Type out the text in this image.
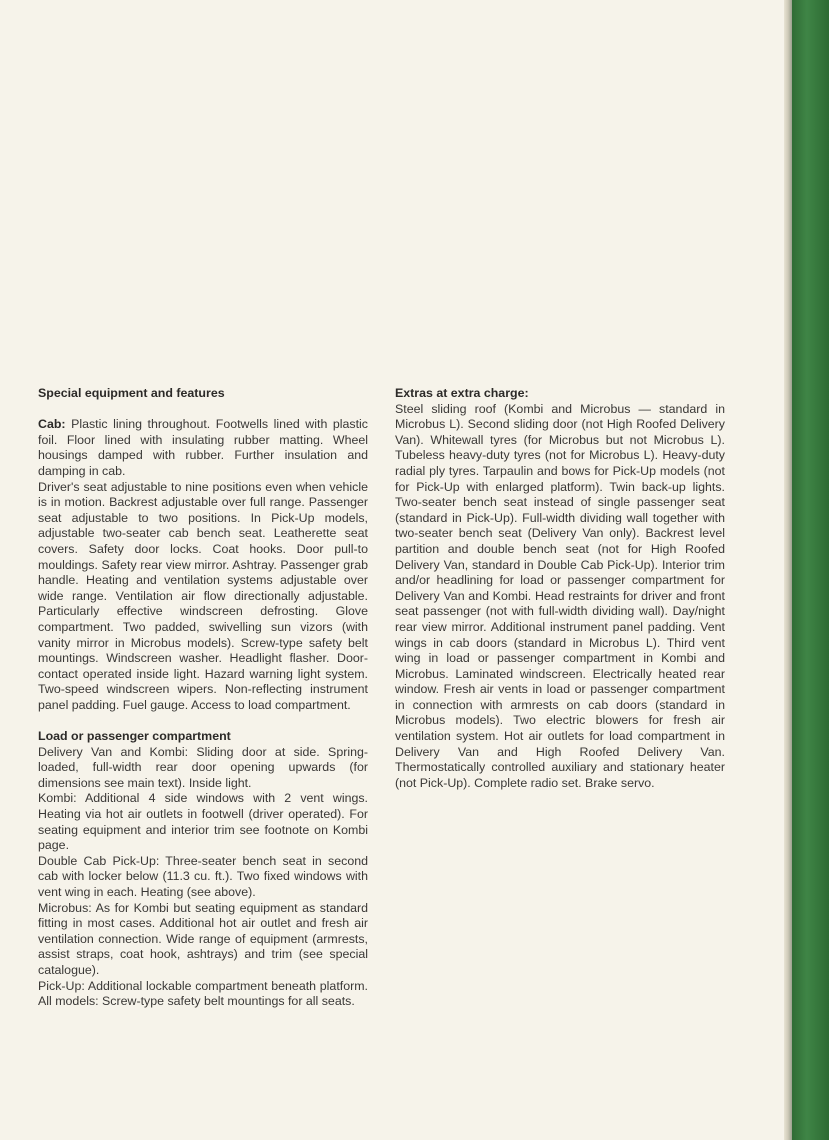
Special equipment and features

Cab: Plastic lining throughout. Footwells lined with plastic foil. Floor lined with insulating rubber matting. Wheel housings damped with rubber. Further insulation and damping in cab.

Driver's seat adjustable to nine positions even when vehicle is in motion. Backrest adjustable over full range. Passenger seat adjustable to two positions. In Pick-Up models, adjustable two-seater cab bench seat. Leatherette seat covers. Safety door locks. Coat hooks. Door pull-to mouldings. Safety rear view mirror. Ashtray. Passenger grab handle. Heating and ventilation systems adjustable over wide range. Ventilation air flow directionally adjustable. Particularly effective windscreen defrosting. Glove compartment. Two padded, swivelling sun vizors (with vanity mirror in Microbus models). Screw-type safety belt mountings. Windscreen washer. Headlight flasher. Door-contact operated inside light. Hazard warning light system. Two-speed windscreen wipers. Non-reflecting instrument panel padding. Fuel gauge. Access to load compartment.

Load or passenger compartment

Delivery Van and Kombi: Sliding door at side. Spring-loaded, full-width rear door opening upwards (for dimensions see main text). Inside light.

Kombi: Additional 4 side windows with 2 vent wings. Heating via hot air outlets in footwell (driver operated). For seating equipment and interior trim see footnote on Kombi page.

Double Cab Pick-Up: Three-seater bench seat in second cab with locker below (11.3 cu. ft.). Two fixed windows with vent wing in each. Heating (see above).

Microbus: As for Kombi but seating equipment as standard fitting in most cases. Additional hot air outlet and fresh air ventilation connection. Wide range of equipment (armrests, assist straps, coat hook, ashtrays) and trim (see special catalogue).

Pick-Up: Additional lockable compartment beneath platform. All models: Screw-type safety belt mountings for all seats.

Extras at extra charge:

Steel sliding roof (Kombi and Microbus — standard in Microbus L). Second sliding door (not High Roofed Delivery Van). Whitewall tyres (for Microbus but not Microbus L). Tubeless heavy-duty tyres (not for Microbus L). Heavy-duty radial ply tyres. Tarpaulin and bows for Pick-Up models (not for Pick-Up with enlarged platform). Twin back-up lights. Two-seater bench seat instead of single passenger seat (standard in Pick-Up). Full-width dividing wall together with two-seater bench seat (Delivery Van only). Backrest level partition and double bench seat (not for High Roofed Delivery Van, standard in Double Cab Pick-Up). Interior trim and/or headlining for load or passenger compartment for Delivery Van and Kombi. Head restraints for driver and front seat passenger (not with full-width dividing wall). Day/night rear view mirror. Additional instrument panel padding. Vent wings in cab doors (standard in Microbus L). Third vent wing in load or passenger compartment in Kombi and Microbus. Laminated windscreen. Electrically heated rear window. Fresh air vents in load or passenger compartment in connection with armrests on cab doors (standard in Microbus models). Two electric blowers for fresh air ventilation system. Hot air outlets for load compartment in Delivery Van and High Roofed Delivery Van. Thermostatically controlled auxiliary and stationary heater (not Pick-Up). Complete radio set. Brake servo.
